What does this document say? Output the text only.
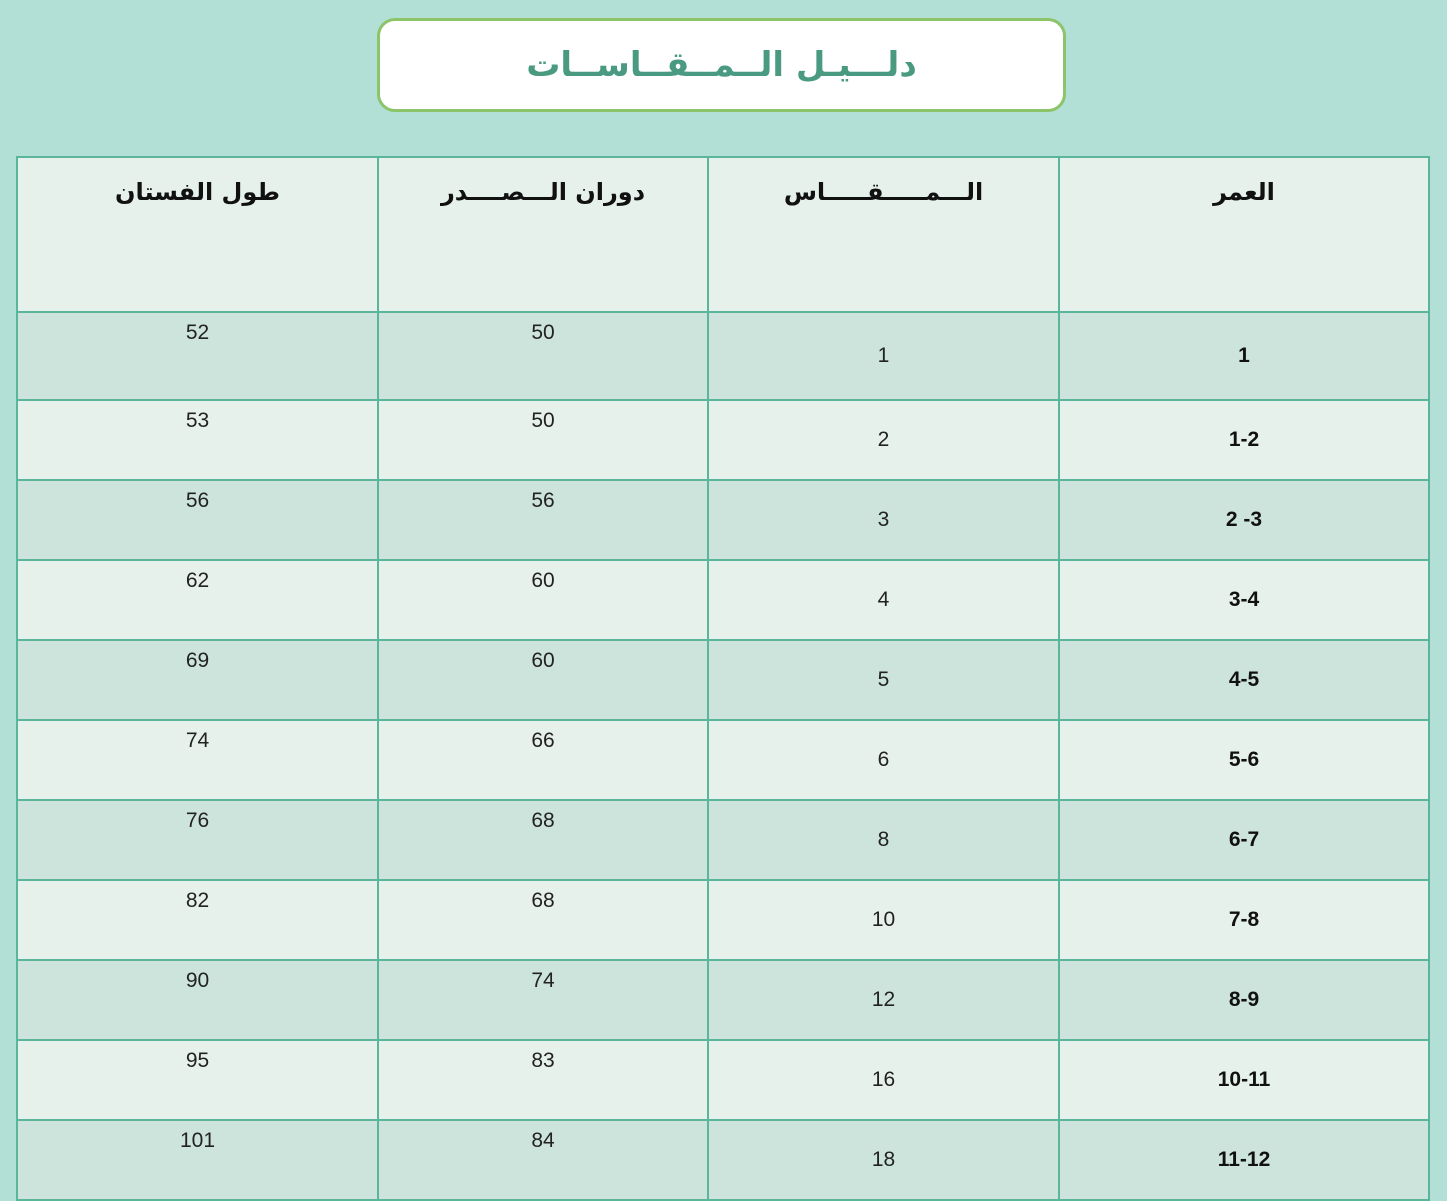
دلـــيـل الــمــقــاســات
طول الفستان	دوران الـــصــــدر	الـــمـــــقـــــاس	العمر
52	50	1	1
53	50	2	1-2
56	56	3	2 -3
62	60	4	3-4
69	60	5	4-5
74	66	6	5-6
76	68	8	6-7
82	68	10	7-8
90	74	12	8-9
95	83	16	10-11
101	84	18	11-12
